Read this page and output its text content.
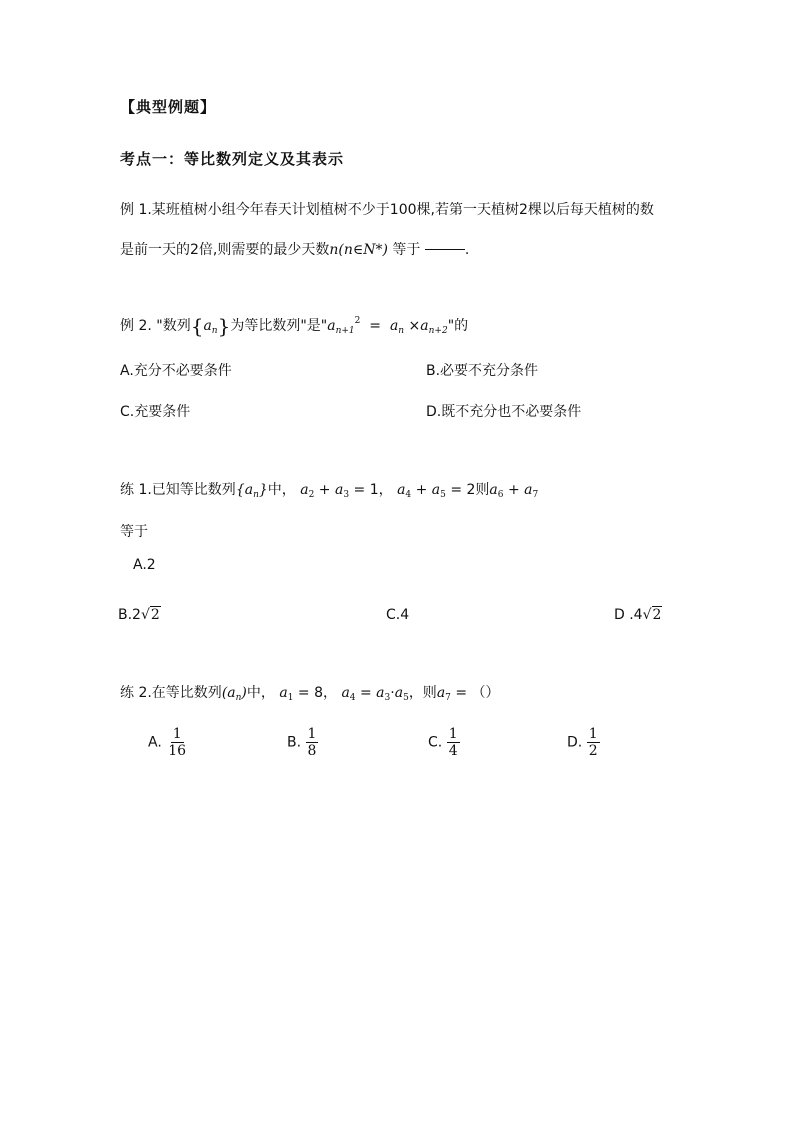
【典型例题】
考点一：等比数列定义及其表示
例 1.某班植树小组今年春天计划植树不少于100棵,若第一天植树2棵以后每天植树的数
是前一天的2倍,则需要的最少天数n(n∈N*) 等于	.
例 2. "数列$\{a_n\}$为等比数列"是"$a_{n+1}^2 = a_n \times a_{n+2}$"的
A.充分不必要条件	B.必要不充分条件
C.充要条件	D.既不充分也不必要条件
练 1.已知等比数列$\{a_n\}$中， $a_2 + a_3 = 1$， $a_4 + a_5 = 2$则$a_6 + a_7$
等于
A.2
B.2√2	C.4	D .4√2
练 2.在等比数列$(a_n)$中， $a_1 = 8$， $a_4 = a_3\cdot a_5$，则$a_7$ = （）
A. $\frac{1}{16}$	B. $\frac{1}{8}$	C. $\frac{1}{4}$	D. $\frac{1}{2}$
